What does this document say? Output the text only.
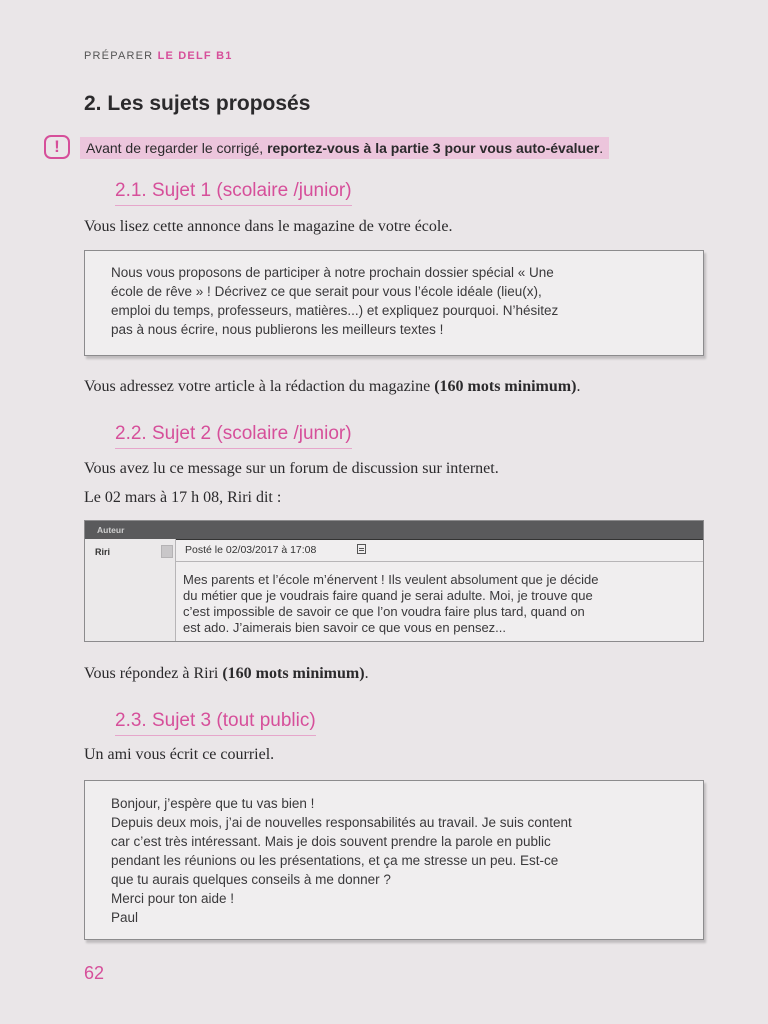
PRÉPARER LE DELF B1
2. Les sujets proposés
!	Avant de regarder le corrigé, reportez-vous à la partie 3 pour vous auto-évaluer.
2.1. Sujet 1 (scolaire /junior)
Vous lisez cette annonce dans le magazine de votre école.
Nous vous proposons de participer à notre prochain dossier spécial « Une
école de rêve » ! Décrivez ce que serait pour vous l’école idéale (lieu(x),
emploi du temps, professeurs, matières...) et expliquez pourquoi. N’hésitez
pas à nous écrire, nous publierons les meilleurs textes !
Vous adressez votre article à la rédaction du magazine (160 mots minimum).
2.2. Sujet 2 (scolaire /junior)
Vous avez lu ce message sur un forum de discussion sur internet.
Le 02 mars à 17 h 08, Riri dit :
Auteur
Riri	Posté le 02/03/2017 à 17:08
Mes parents et l’école m’énervent ! Ils veulent absolument que je décide
du métier que je voudrais faire quand je serai adulte. Moi, je trouve que
c’est impossible de savoir ce que l’on voudra faire plus tard, quand on
est ado. J’aimerais bien savoir ce que vous en pensez...
Vous répondez à Riri (160 mots minimum).
2.3. Sujet 3 (tout public)
Un ami vous écrit ce courriel.
Bonjour, j’espère que tu vas bien !
Depuis deux mois, j’ai de nouvelles responsabilités au travail. Je suis content
car c’est très intéressant. Mais je dois souvent prendre la parole en public
pendant les réunions ou les présentations, et ça me stresse un peu. Est-ce
que tu aurais quelques conseils à me donner ?
Merci pour ton aide !
Paul
62
